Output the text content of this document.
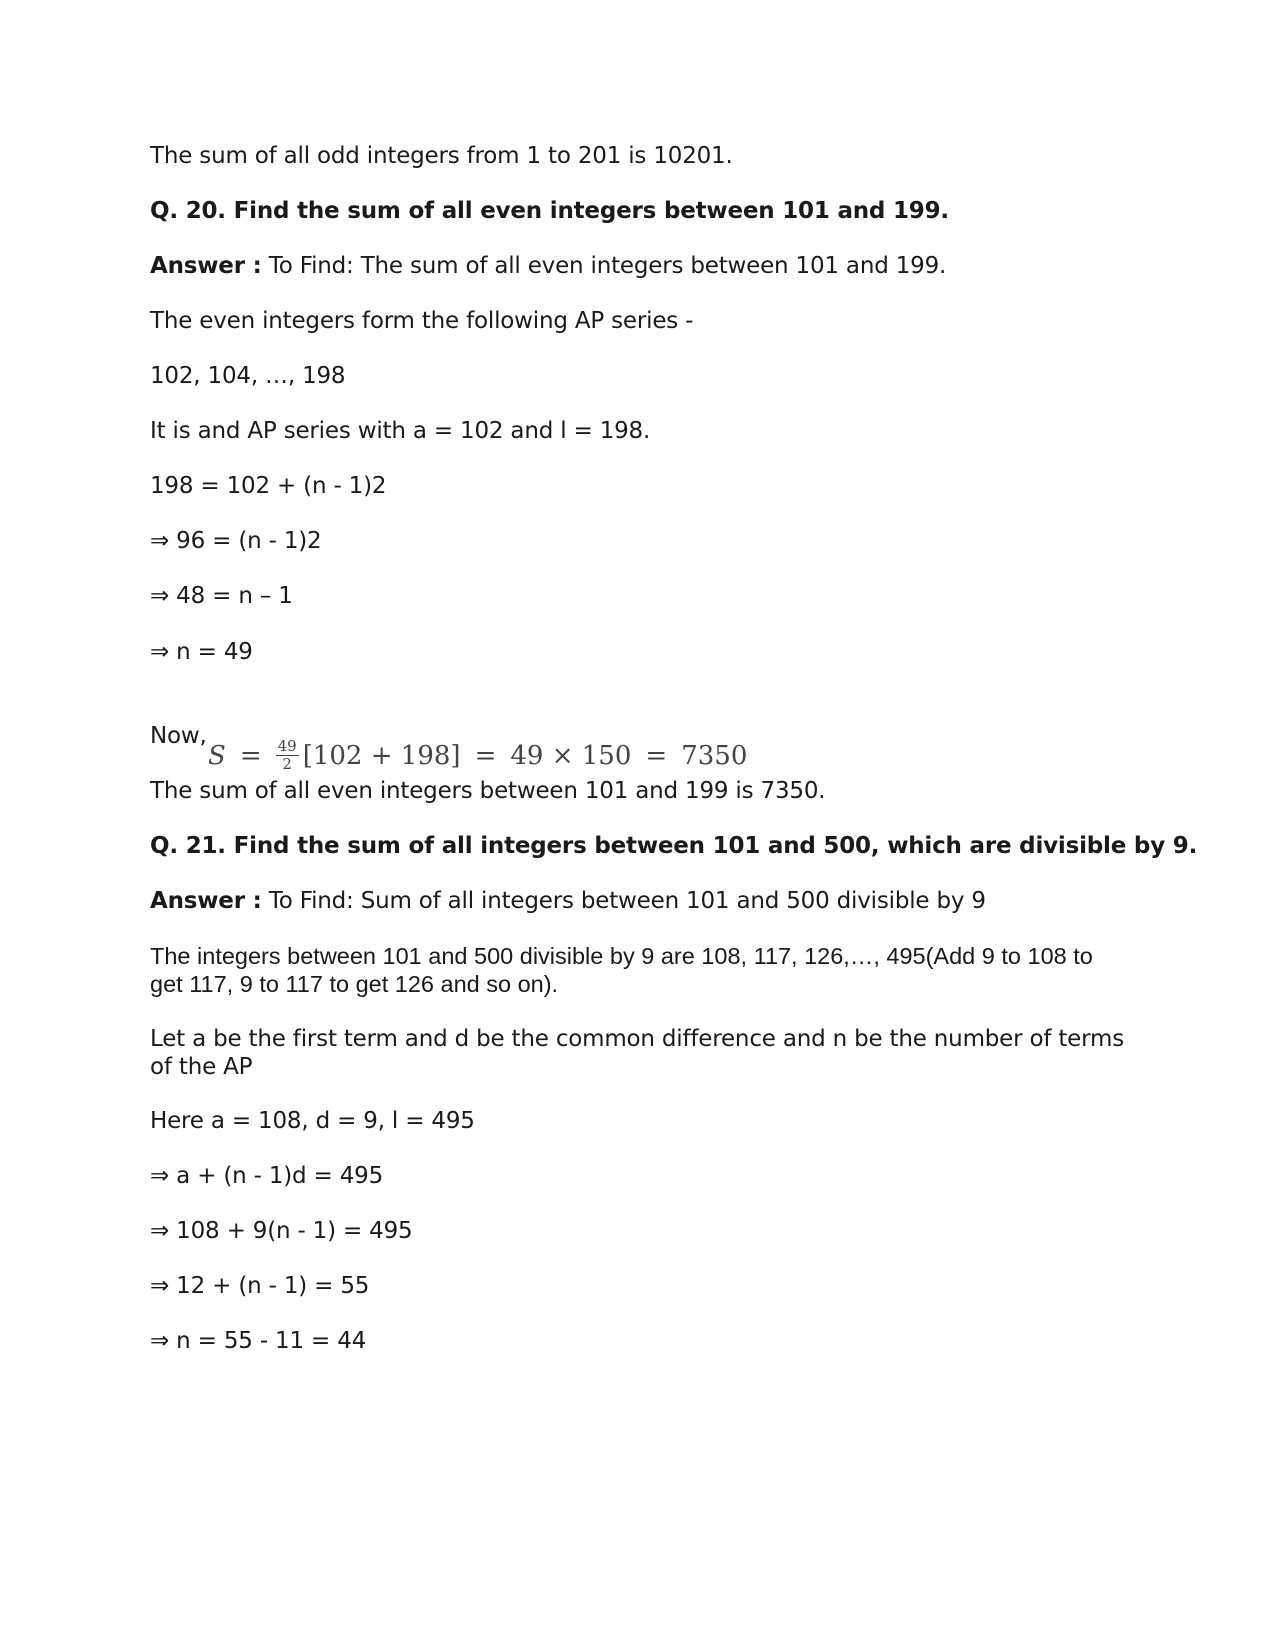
The sum of all odd integers from 1 to 201 is 10201.
Q. 20. Find the sum of all even integers between 101 and 199.
Answer : To Find: The sum of all even integers between 101 and 199.
The even integers form the following AP series -
102, 104, …, 198
It is and AP series with a = 102 and l = 198.
198 = 102 + (n - 1)2
⇒ 96 = (n - 1)2
⇒ 48 = n – 1
⇒ n = 49
Now,
$S = \frac{49}{2} [102 + 198] = 49 \times 150 = 7350$
The sum of all even integers between 101 and 199 is 7350.
Q. 21. Find the sum of all integers between 101 and 500, which are divisible by 9.
Answer : To Find: Sum of all integers between 101 and 500 divisible by 9
The integers between 101 and 500 divisible by 9 are 108, 117, 126,…, 495(Add 9 to 108 to get 117, 9 to 117 to get 126 and so on).
Let a be the first term and d be the common difference and n be the number of terms of the AP
Here a = 108, d = 9, l = 495
⇒ a + (n - 1)d = 495
⇒ 108 + 9(n - 1) = 495
⇒ 12 + (n - 1) = 55
⇒ n = 55 - 11 = 44
